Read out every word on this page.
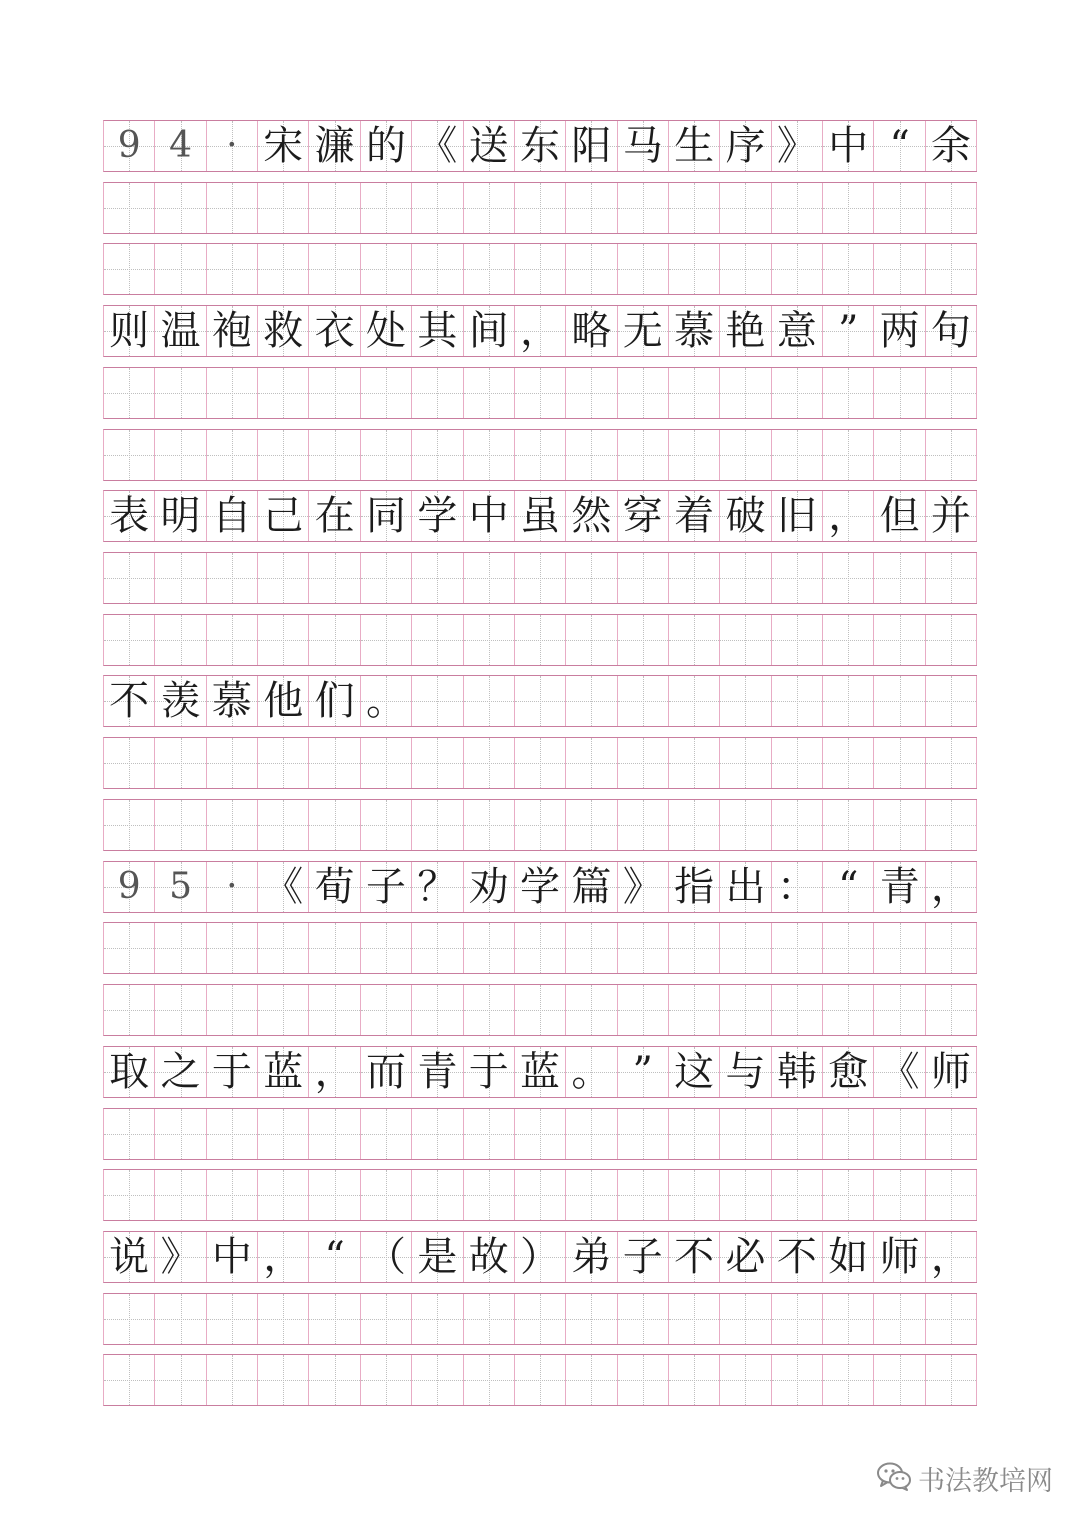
9 4 · 宋 濂 的 《 送 东 阳 马 生 序 》 中 “ 余
则 温 袍 救 衣 处 其 间 ， 略 无 慕 艳 意 ” 两 句
表 明 自 己 在 同 学 中 虽 然 穿 着 破 旧 ， 但 并
不 羡 慕 他 们 。
9 5 · 《 荀 子 ？ 劝 学 篇 》 指 出 ： “ 青 ，
取 之 于 蓝 ， 而 青 于 蓝 。 ” 这 与 韩 愈 《 师
说 》 中 ， “ （ 是 故 ） 弟 子 不 必 不 如 师 ，
书法教培网
